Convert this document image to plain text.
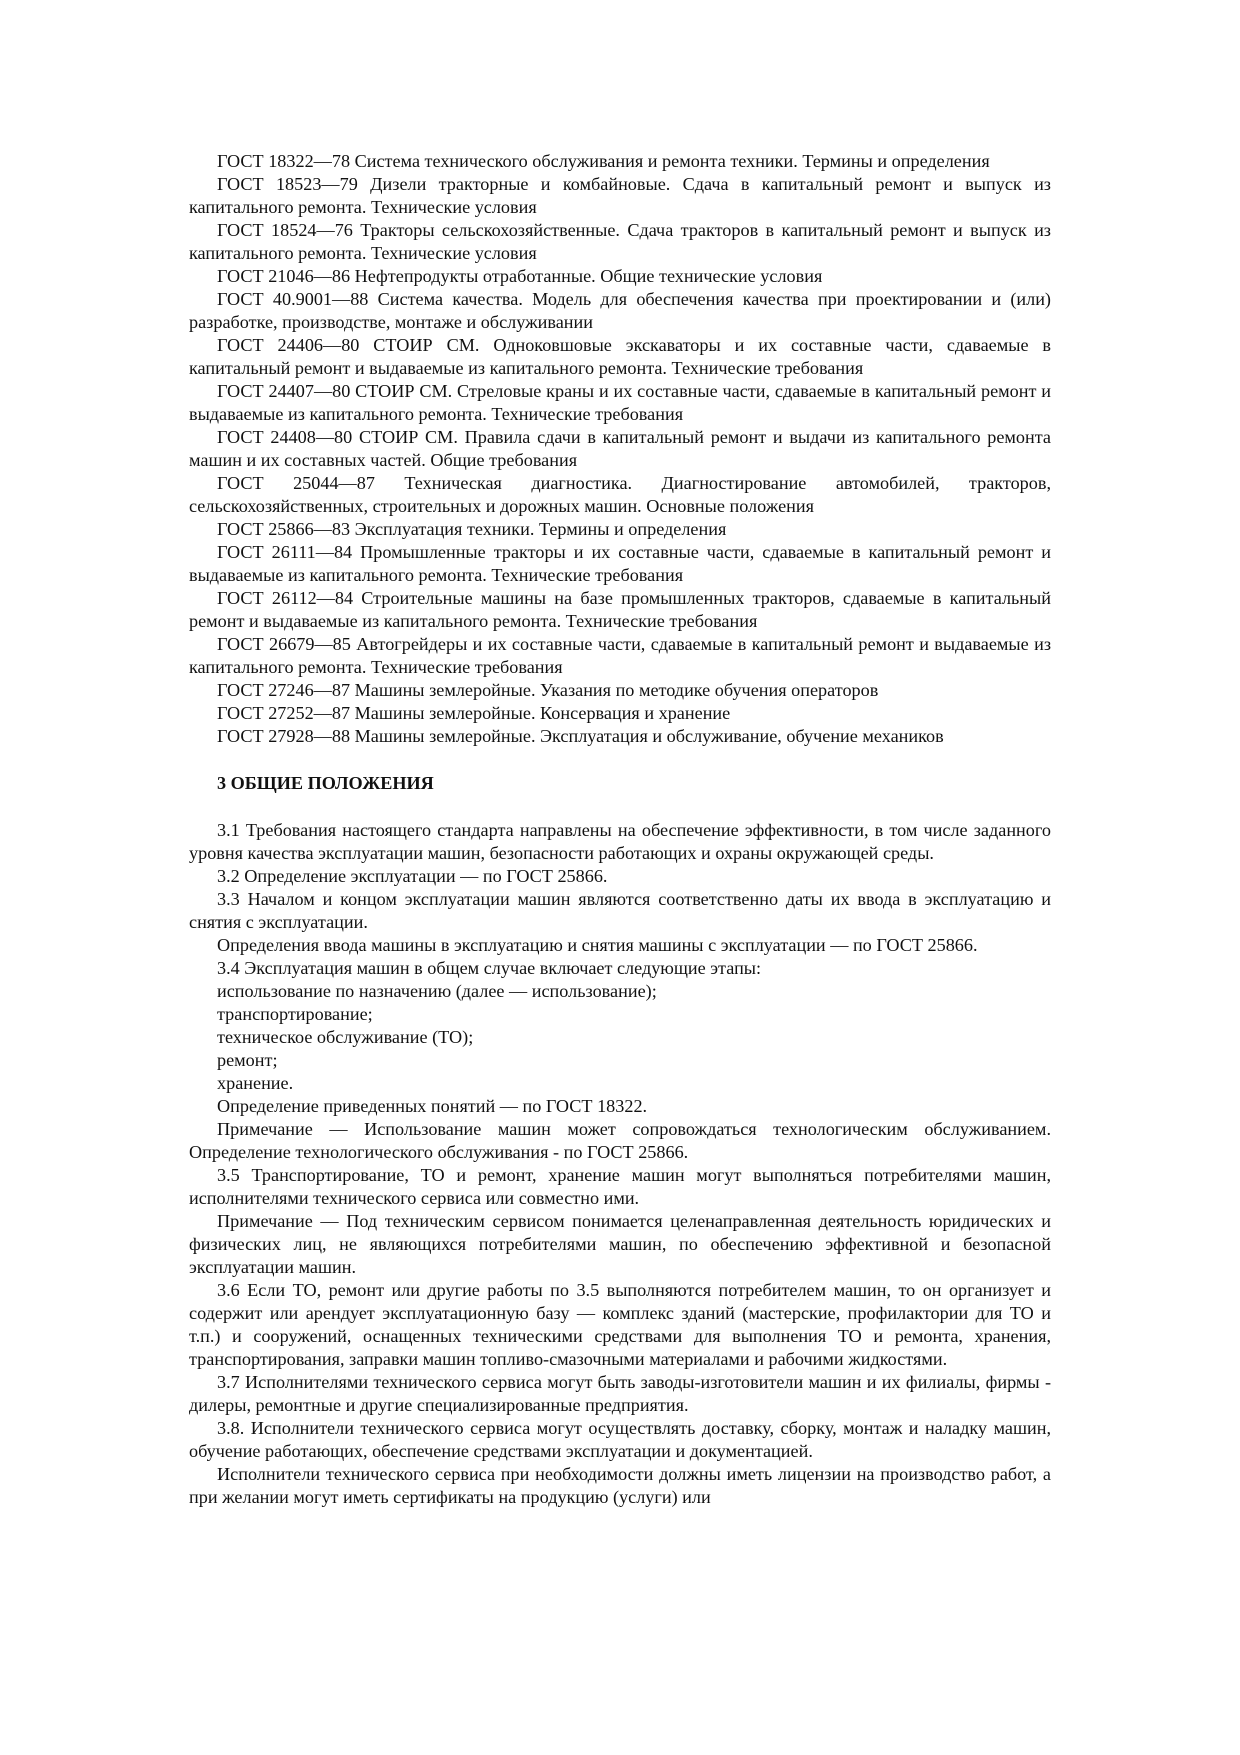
ГОСТ 18322—78 Система технического обслуживания и ремонта техники. Термины и определения

ГОСТ 18523—79 Дизели тракторные и комбайновые. Сдача в капитальный ремонт и выпуск из капитального ремонта. Технические условия

ГОСТ 18524—76 Тракторы сельскохозяйственные. Сдача тракторов в капитальный ремонт и выпуск из капитального ремонта. Технические условия

ГОСТ 21046—86 Нефтепродукты отработанные. Общие технические условия

ГОСТ 40.9001—88 Система качества. Модель для обеспечения качества при проектировании и (или) разработке, производстве, монтаже и обслуживании

ГОСТ 24406—80 СТОИР СМ. Одноковшовые экскаваторы и их составные части, сдаваемые в капитальный ремонт и выдаваемые из капитального ремонта. Технические требования

ГОСТ 24407—80 СТОИР СМ. Стреловые краны и их составные части, сдаваемые в капитальный ремонт и выдаваемые из капитального ремонта. Технические требования

ГОСТ 24408—80 СТОИР СМ. Правила сдачи в капитальный ремонт и выдачи из капитального ремонта машин и их составных частей. Общие требования

ГОСТ 25044—87 Техническая диагностика. Диагностирование автомобилей, тракторов, сельскохозяйственных, строительных и дорожных машин. Основные положения

ГОСТ 25866—83 Эксплуатация техники. Термины и определения

ГОСТ 26111—84 Промышленные тракторы и их составные части, сдаваемые в капитальный ремонт и выдаваемые из капитального ремонта. Технические требования

ГОСТ 26112—84 Строительные машины на базе промышленных тракторов, сдаваемые в капитальный ремонт и выдаваемые из капитального ремонта. Технические требования

ГОСТ 26679—85 Автогрейдеры и их составные части, сдаваемые в капитальный ремонт и выдаваемые из капитального ремонта. Технические требования

ГОСТ 27246—87 Машины землеройные. Указания по методике обучения операторов

ГОСТ 27252—87 Машины землеройные. Консервация и хранение

ГОСТ 27928—88 Машины землеройные. Эксплуатация и обслуживание, обучение механиков

3 ОБЩИЕ ПОЛОЖЕНИЯ

3.1 Требования настоящего стандарта направлены на обеспечение эффективности, в том числе заданного уровня качества эксплуатации машин, безопасности работающих и охраны окружающей среды.

3.2 Определение эксплуатации — по ГОСТ 25866.

3.3 Началом и концом эксплуатации машин являются соответственно даты их ввода в эксплуатацию и снятия с эксплуатации.

Определения ввода машины в эксплуатацию и снятия машины с эксплуатации — по ГОСТ 25866.

3.4 Эксплуатация машин в общем случае включает следующие этапы:

использование по назначению (далее — использование);

транспортирование;

техническое обслуживание (ТО);

ремонт;

хранение.

Определение приведенных понятий — по ГОСТ 18322.

Примечание — Использование машин может сопровождаться технологическим обслуживанием. Определение технологического обслуживания - по ГОСТ 25866.

3.5 Транспортирование, ТО и ремонт, хранение машин могут выполняться потребителями машин, исполнителями технического сервиса или совместно ими.

Примечание — Под техническим сервисом понимается целенаправленная деятельность юридических и физических лиц, не являющихся потребителями машин, по обеспечению эффективной и безопасной эксплуатации машин.

3.6 Если ТО, ремонт или другие работы по 3.5 выполняются потребителем машин, то он организует и содержит или арендует эксплуатационную базу — комплекс зданий (мастерские, профилактории для ТО и т.п.) и сооружений, оснащенных техническими средствами для выполнения ТО и ремонта, хранения, транспортирования, заправки машин топливо-смазочными материалами и рабочими жидкостями.

3.7 Исполнителями технического сервиса могут быть заводы-изготовители машин и их филиалы, фирмы - дилеры, ремонтные и другие специализированные предприятия.

3.8. Исполнители технического сервиса могут осуществлять доставку, сборку, монтаж и наладку машин, обучение работающих, обеспечение средствами эксплуатации и документацией.

Исполнители технического сервиса при необходимости должны иметь лицензии на производство работ, а при желании могут иметь сертификаты на продукцию (услуги) или
